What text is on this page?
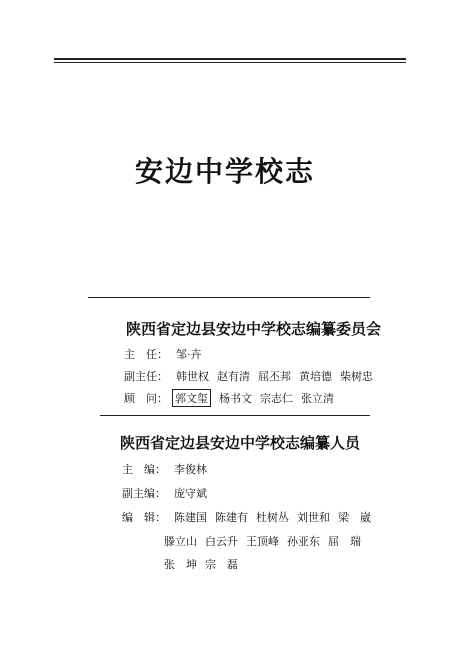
安边中学校志
陕西省定边县安边中学校志编纂委员会
主　任： 邹·卉
副主任： 韩世权 赵有清 屈丕邦 黄培德 柴树忠
顾　问： 郭文玺 杨书文 宗志仁 张立清
陕西省定边县安边中学校志编纂人员
主　编： 李俊林
副主编： 庞守斌
编　辑： 陈建国 陈建有 杜树丛 刘世和 梁　崴
滕立山 白云升 王顶峰 孙亚东 屈　瑞
张　坤 宗　磊
